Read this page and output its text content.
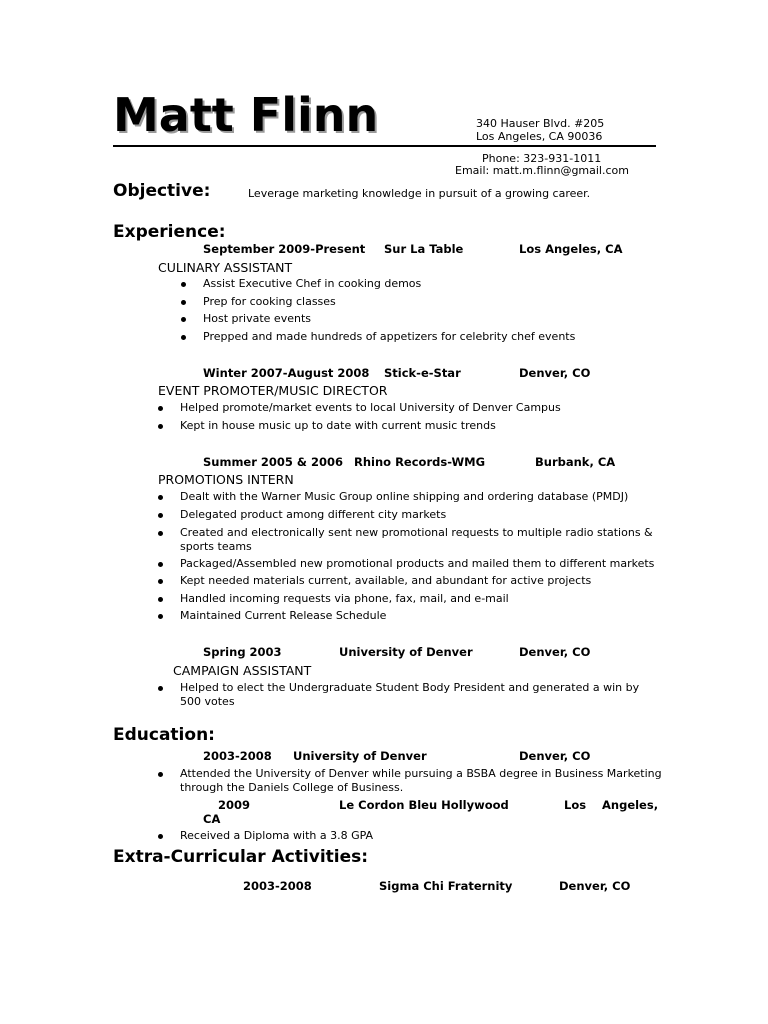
Matt Flinn	340 Hauser Blvd. #205
Los Angeles, CA 90036
Phone: 323-931-1011
Email: matt.m.flinn@gmail.com
Objective:	Leverage marketing knowledge in pursuit of a growing career.
Experience:
September 2009-Present Sur La Table	Los Angeles, CA
CULINARY ASSISTANT
Assist Executive Chef in cooking demos
Prep for cooking classes
Host private events
Prepped and made hundreds of appetizers for celebrity chef events
Winter 2007-August 2008 Stick-e-Star	Denver, CO
EVENT PROMOTER/MUSIC DIRECTOR
Helped promote/market events to local University of Denver Campus
Kept in house music up to date with current music trends
Summer 2005 & 2006 Rhino Records-WMG	Burbank, CA
PROMOTIONS INTERN
Dealt with the Warner Music Group online shipping and ordering database (PMDJ)
Delegated product among different city markets
Created and electronically sent new promotional requests to multiple radio stations &
sports teams
Packaged/Assembled new promotional products and mailed them to different markets
Kept needed materials current, available, and abundant for active projects
Handled incoming requests via phone, fax, mail, and e-mail
Maintained Current Release Schedule
Spring 2003	University of Denver	Denver, CO
CAMPAIGN ASSISTANT
Helped to elect the Undergraduate Student Body President and generated a win by
500 votes
Education:
2003-2008 University of Denver	Denver, CO
Attended the University of Denver while pursuing a BSBA degree in Business Marketing
through the Daniels College of Business.
2009	Le Cordon Bleu Hollywood	Los Angeles,
CA
Received a Diploma with a 3.8 GPA
Extra-Curricular Activities:
2003-2008	Sigma Chi Fraternity	Denver, CO
